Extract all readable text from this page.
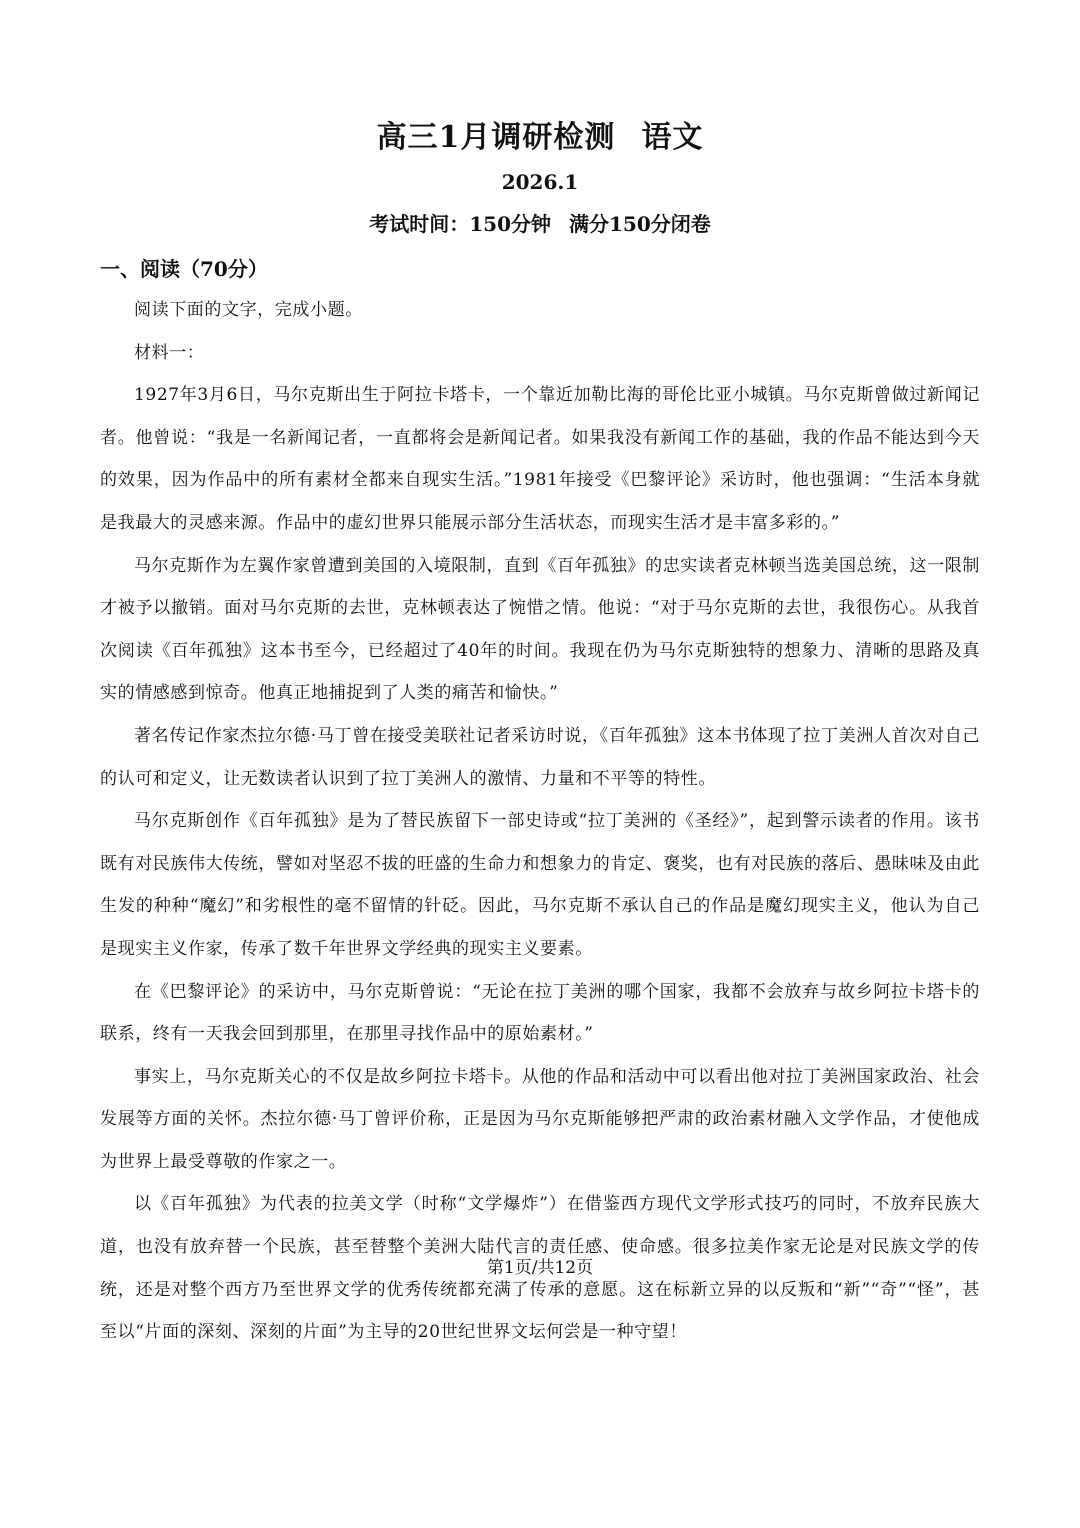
高三1月调研检测 语文
2026.1
考试时间：150分钟 满分150分闭卷
一、阅读（70分）

阅读下面的文字，完成小题。

材料一：

1927年3月6日，马尔克斯出生于阿拉卡塔卡，一个靠近加勒比海的哥伦比亚小城镇。马尔克斯曾做过新闻记者。他曾说：“我是一名新闻记者，一直都将会是新闻记者。如果我没有新闻工作的基础，我的作品不能达到今天的效果，因为作品中的所有素材全都来自现实生活。”1981年接受《巴黎评论》采访时，他也强调：“生活本身就是我最大的灵感来源。作品中的虚幻世界只能展示部分生活状态，而现实生活才是丰富多彩的。”

马尔克斯作为左翼作家曾遭到美国的入境限制，直到《百年孤独》的忠实读者克林顿当选美国总统，这一限制才被予以撤销。面对马尔克斯的去世，克林顿表达了惋惜之情。他说：“对于马尔克斯的去世，我很伤心。从我首次阅读《百年孤独》这本书至今，已经超过了40年的时间。我现在仍为马尔克斯独特的想象力、清晰的思路及真实的情感感到惊奇。他真正地捕捉到了人类的痛苦和愉快。”

著名传记作家杰拉尔德·马丁曾在接受美联社记者采访时说，《百年孤独》这本书体现了拉丁美洲人首次对自己的认可和定义，让无数读者认识到了拉丁美洲人的激情、力量和不平等的特性。

马尔克斯创作《百年孤独》是为了替民族留下一部史诗或“拉丁美洲的《圣经》”，起到警示读者的作用。该书既有对民族伟大传统，譬如对坚忍不拔的旺盛的生命力和想象力的肯定、褒奖，也有对民族的落后、愚昧味及由此生发的种种“魔幻”和劣根性的毫不留情的针砭。因此，马尔克斯不承认自己的作品是魔幻现实主义，他认为自己是现实主义作家，传承了数千年世界文学经典的现实主义要素。

在《巴黎评论》的采访中，马尔克斯曾说：“无论在拉丁美洲的哪个国家，我都不会放弃与故乡阿拉卡塔卡的联系，终有一天我会回到那里，在那里寻找作品中的原始素材。”

事实上，马尔克斯关心的不仅是故乡阿拉卡塔卡。从他的作品和活动中可以看出他对拉丁美洲国家政治、社会发展等方面的关怀。杰拉尔德·马丁曾评价称，正是因为马尔克斯能够把严肃的政治素材融入文学作品，才使他成为世界上最受尊敬的作家之一。

以《百年孤独》为代表的拉美文学（时称“文学爆炸”）在借鉴西方现代文学形式技巧的同时，不放弃民族大道，也没有放弃替一个民族，甚至替整个美洲大陆代言的责任感、使命感。很多拉美作家无论是对民族文学的传统，还是对整个西方乃至世界文学的优秀传统都充满了传承的意愿。这在标新立异的以反叛和“新”“奇”“怪”，甚至以“片面的深刻、深刻的片面”为主导的20世纪世界文坛何尝是一种守望！

第1页/共12页
